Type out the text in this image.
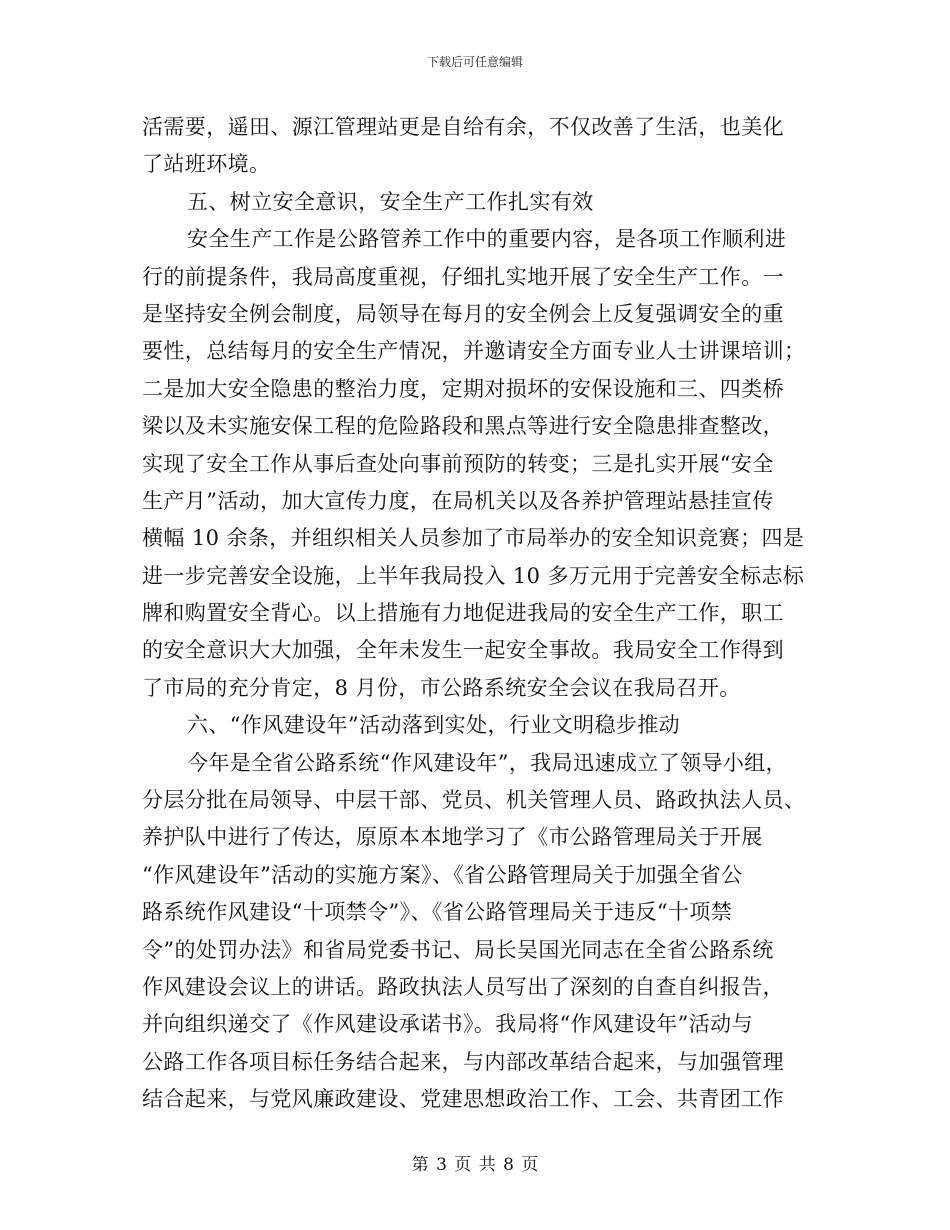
下载后可任意编辑
活需要，遥田、源江管理站更是自给有余，不仅改善了生活，也美化
了站班环境。
五、树立安全意识，安全生产工作扎实有效
安全生产工作是公路管养工作中的重要内容，是各项工作顺利进
行的前提条件，我局高度重视，仔细扎实地开展了安全生产工作。一
是坚持安全例会制度，局领导在每月的安全例会上反复强调安全的重
要性，总结每月的安全生产情况，并邀请安全方面专业人士讲课培训；
二是加大安全隐患的整治力度，定期对损坏的安保设施和三、四类桥
梁以及未实施安保工程的危险路段和黑点等进行安全隐患排查整改，
实现了安全工作从事后查处向事前预防的转变；三是扎实开展“安全
生产月”活动，加大宣传力度，在局机关以及各养护管理站悬挂宣传
横幅 10 余条，并组织相关人员参加了市局举办的安全知识竞赛；四是
进一步完善安全设施，上半年我局投入 10 多万元用于完善安全标志标
牌和购置安全背心。以上措施有力地促进我局的安全生产工作，职工
的安全意识大大加强，全年未发生一起安全事故。我局安全工作得到
了市局的充分肯定，8 月份，市公路系统安全会议在我局召开。
六、“作风建设年”活动落到实处，行业文明稳步推动
今年是全省公路系统“作风建设年”，我局迅速成立了领导小组，
分层分批在局领导、中层干部、党员、机关管理人员、路政执法人员、
养护队中进行了传达，原原本本地学习了《市公路管理局关于开展
“作风建设年”活动的实施方案》、《省公路管理局关于加强全省公
路系统作风建设“十项禁令”》、《省公路管理局关于违反“十项禁
令”的处罚办法》和省局党委书记、局长吴国光同志在全省公路系统
作风建设会议上的讲话。路政执法人员写出了深刻的自查自纠报告，
并向组织递交了《作风建设承诺书》。我局将“作风建设年”活动与
公路工作各项目标任务结合起来，与内部改革结合起来，与加强管理
结合起来，与党风廉政建设、党建思想政治工作、工会、共青团工作
第 3 页 共 8 页
